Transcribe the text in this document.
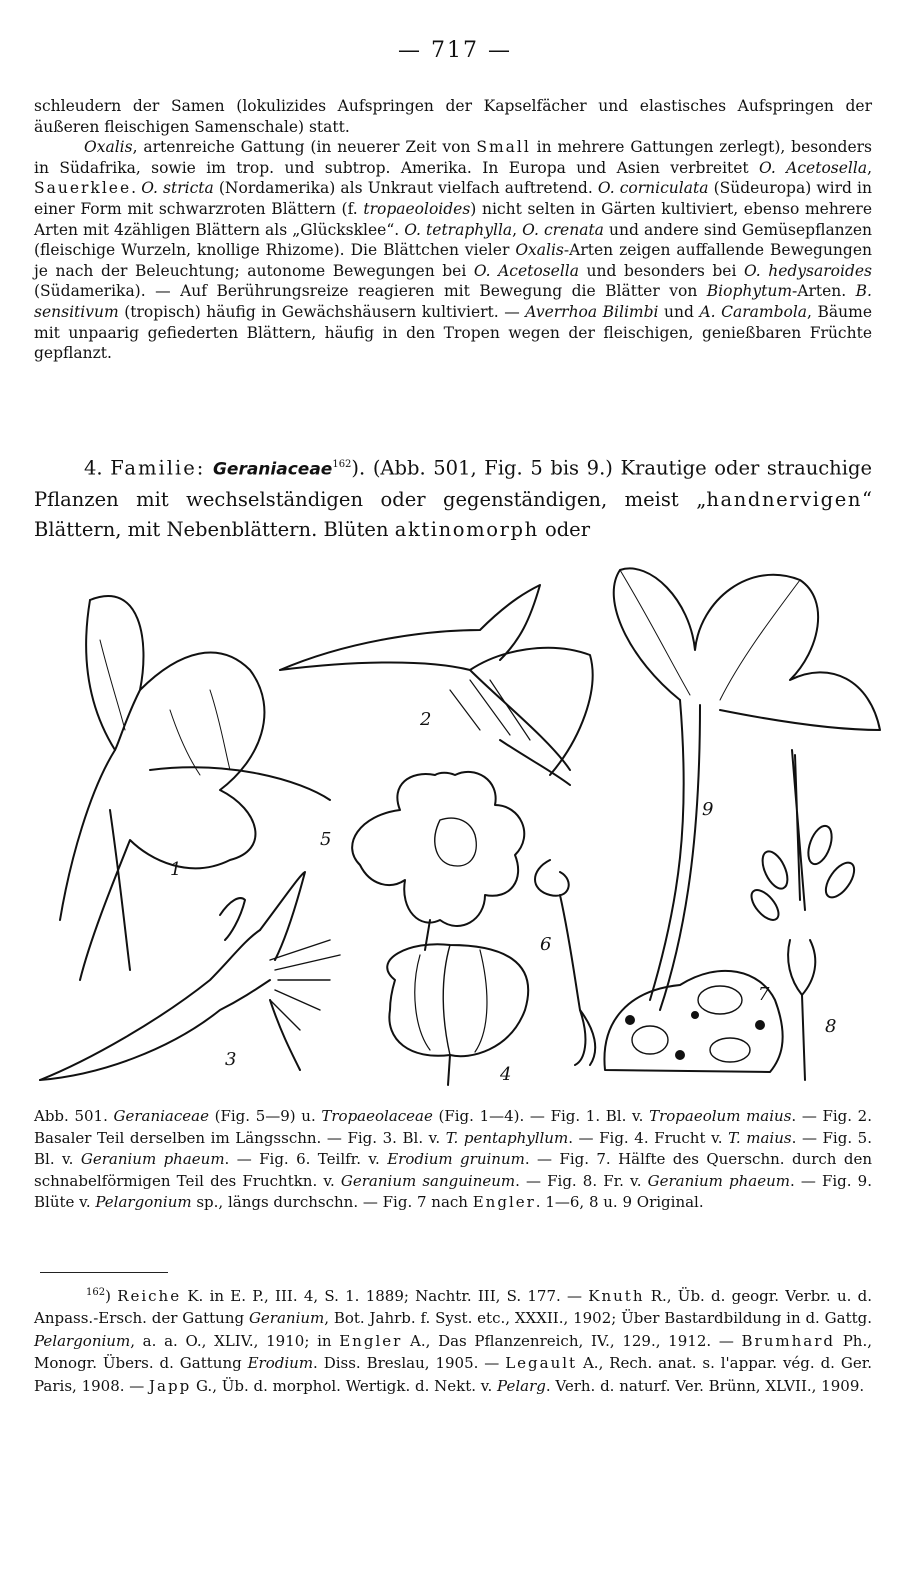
— 717 —

schleudern der Samen (lokulizides Aufspringen der Kapselfächer und elastisches Aufspringen der äußeren fleischigen Samenschale) statt.

Oxalis, artenreiche Gattung (in neuerer Zeit von Small in mehrere Gattungen zerlegt), besonders in Südafrika, sowie im trop. und subtrop. Amerika. In Europa und Asien verbreitet O. Acetosella, Sauerklee. O. stricta (Nordamerika) als Unkraut vielfach auftretend. O. corniculata (Südeuropa) wird in einer Form mit schwarzroten Blättern (f. tropaeoloides) nicht selten in Gärten kultiviert, ebenso mehrere Arten mit 4zähligen Blättern als „Glücksklee“. O. tetraphylla, O. crenata und andere sind Gemüsepflanzen (fleischige Wurzeln, knollige Rhizome). Die Blättchen vieler Oxalis-Arten zeigen auffallende Bewegungen je nach der Beleuchtung; autonome Bewegungen bei O. Acetosella und besonders bei O. hedysaroides (Südamerika). — Auf Berührungsreize reagieren mit Bewegung die Blätter von Biophytum-Arten. B. sensitivum (tropisch) häufig in Gewächshäusern kultiviert. — Averrhoa Bilimbi und A. Carambola, Bäume mit unpaarig gefiederten Blättern, häufig in den Tropen wegen der fleischigen, genießbaren Früchte gepflanzt.

4. Familie: Geraniaceae$^{162}$). (Abb. 501, Fig. 5 bis 9.) Krautige oder strauchige Pflanzen mit wechselständigen oder gegenständigen, meist „handnervigen“ Blättern, mit Nebenblättern. Blüten aktinomorph oder

1
2
3
4
5
6
7
8
9

Abb. 501. Geraniaceae (Fig. 5—9) u. Tropaeolaceae (Fig. 1—4). — Fig. 1. Bl. v. Tropaeolum maius. — Fig. 2. Basaler Teil derselben im Längsschn. — Fig. 3. Bl. v. T. pentaphyllum. — Fig. 4. Frucht v. T. maius. — Fig. 5. Bl. v. Geranium phaeum. — Fig. 6. Teilfr. v. Erodium gruinum. — Fig. 7. Hälfte des Querschn. durch den schnabelförmigen Teil des Fruchtkn. v. Geranium sanguineum. — Fig. 8. Fr. v. Geranium phaeum. — Fig. 9. Blüte v. Pelargonium sp., längs durchschn. — Fig. 7 nach Engler. 1—6, 8 u. 9 Original.

$^{162}$) Reiche K. in E. P., III. 4, S. 1. 1889; Nachtr. III, S. 177. — Knuth R., Üb. d. geogr. Verbr. u. d. Anpass.-Ersch. der Gattung Geranium, Bot. Jahrb. f. Syst. etc., XXXII., 1902; Über Bastardbildung in d. Gattg. Pelargonium, a. a. O., XLIV., 1910; in Engler A., Das Pflanzenreich, IV., 129., 1912. — Brumhard Ph., Monogr. Übers. d. Gattung Erodium. Diss. Breslau, 1905. — Legault A., Rech. anat. s. l'appar. vég. d. Ger. Paris, 1908. — Japp G., Üb. d. morphol. Wertigk. d. Nekt. v. Pelarg. Verh. d. naturf. Ver. Brünn, XLVII., 1909.
